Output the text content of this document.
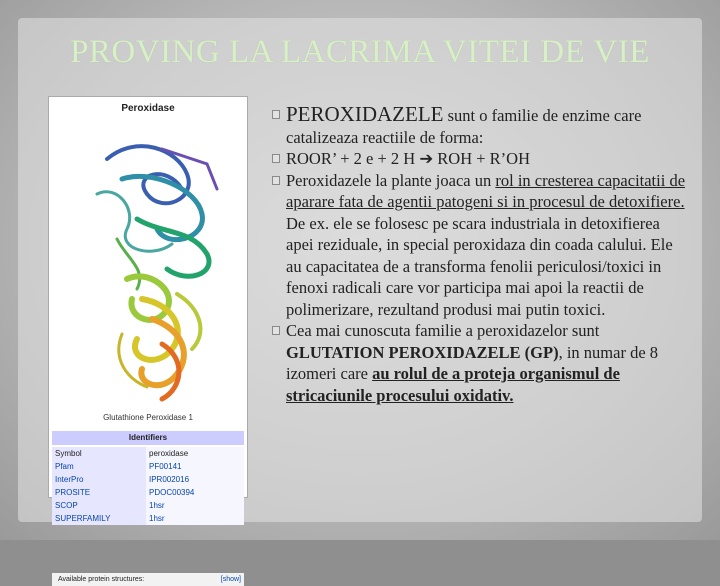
PROVING LA LACRIMA VITEI DE VIE
Peroxidase
Glutathione Peroxidase 1
Identifiers
Symbol	peroxidase
Pfam	PF00141
InterPro	IPR002016
PROSITE	PDOC00394
SCOP	1hsr
SUPERFAMILY	1hsr
Available protein structures:	[show]
PEROXIDAZELE sunt o familie de enzime care catalizeaza reactiile de forma:
ROOR’ + 2 e + 2 H ➔ ROH + R’OH
Peroxidazele la plante joaca un rol in cresterea capacitatii de aparare fata de agentii patogeni si in procesul de detoxifiere. De ex. ele se folosesc pe scara industriala in detoxifierea apei reziduale, in special peroxidaza din coada calului. Ele au capacitatea de a transforma fenolii periculosi/toxici in fenoxi radicali care vor participa mai apoi la reactii de polimerizare, rezultand produsi mai putin toxici.
Cea mai cunoscuta familie a peroxidazelor sunt GLUTATION PEROXIDAZELE (GP), in numar de 8 izomeri care au rolul de a proteja organismul de stricaciunile procesului oxidativ.
